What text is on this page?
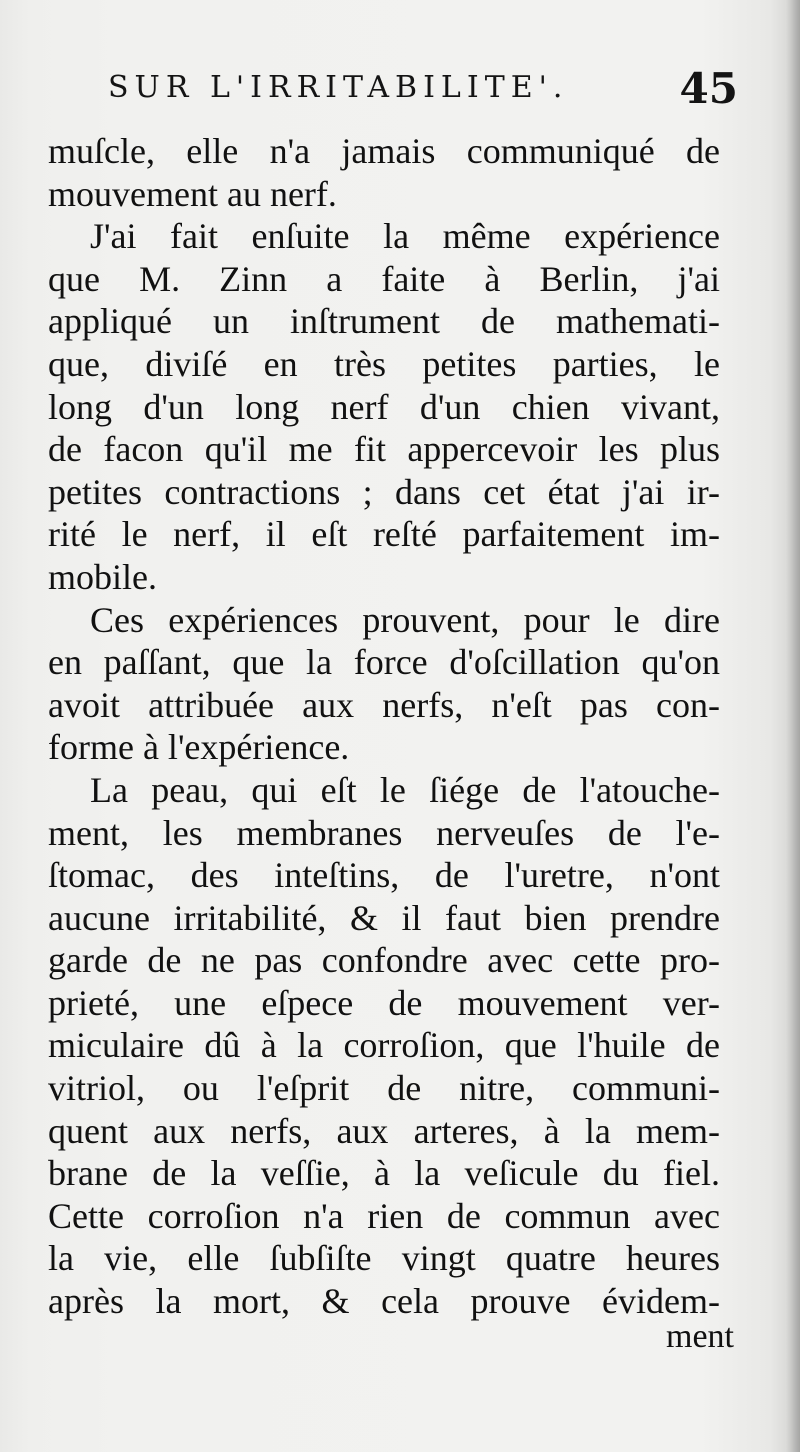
SUR L'IRRITABILITE'.	45
muſcle, elle n'a jamais communiqué de
mouvement au nerf.
J'ai fait enſuite la même expérience
que M. Zinn a faite à Berlin, j'ai
appliqué un inſtrument de mathemati-
que, diviſé en très petites parties, le
long d'un long nerf d'un chien vivant,
de facon qu'il me fit appercevoir les plus
petites contractions ; dans cet état j'ai ir-
rité le nerf, il eſt reſté parfaitement im-
mobile.
Ces expériences prouvent, pour le dire
en paſſant, que la force d'oſcillation qu'on
avoit attribuée aux nerfs, n'eſt pas con-
forme à l'expérience.
La peau, qui eſt le ſiége de l'atouche-
ment, les membranes nerveuſes de l'e-
ſtomac, des inteſtins, de l'uretre, n'ont
aucune irritabilité, & il faut bien prendre
garde de ne pas confondre avec cette pro-
prieté, une eſpece de mouvement ver-
miculaire dû à la corroſion, que l'huile de
vitriol, ou l'eſprit de nitre, communi-
quent aux nerfs, aux arteres, à la mem-
brane de la veſſie, à la veſicule du fiel.
Cette corroſion n'a rien de commun avec
la vie, elle ſubſiſte vingt quatre heures
après la mort, & cela prouve évidem-
ment
